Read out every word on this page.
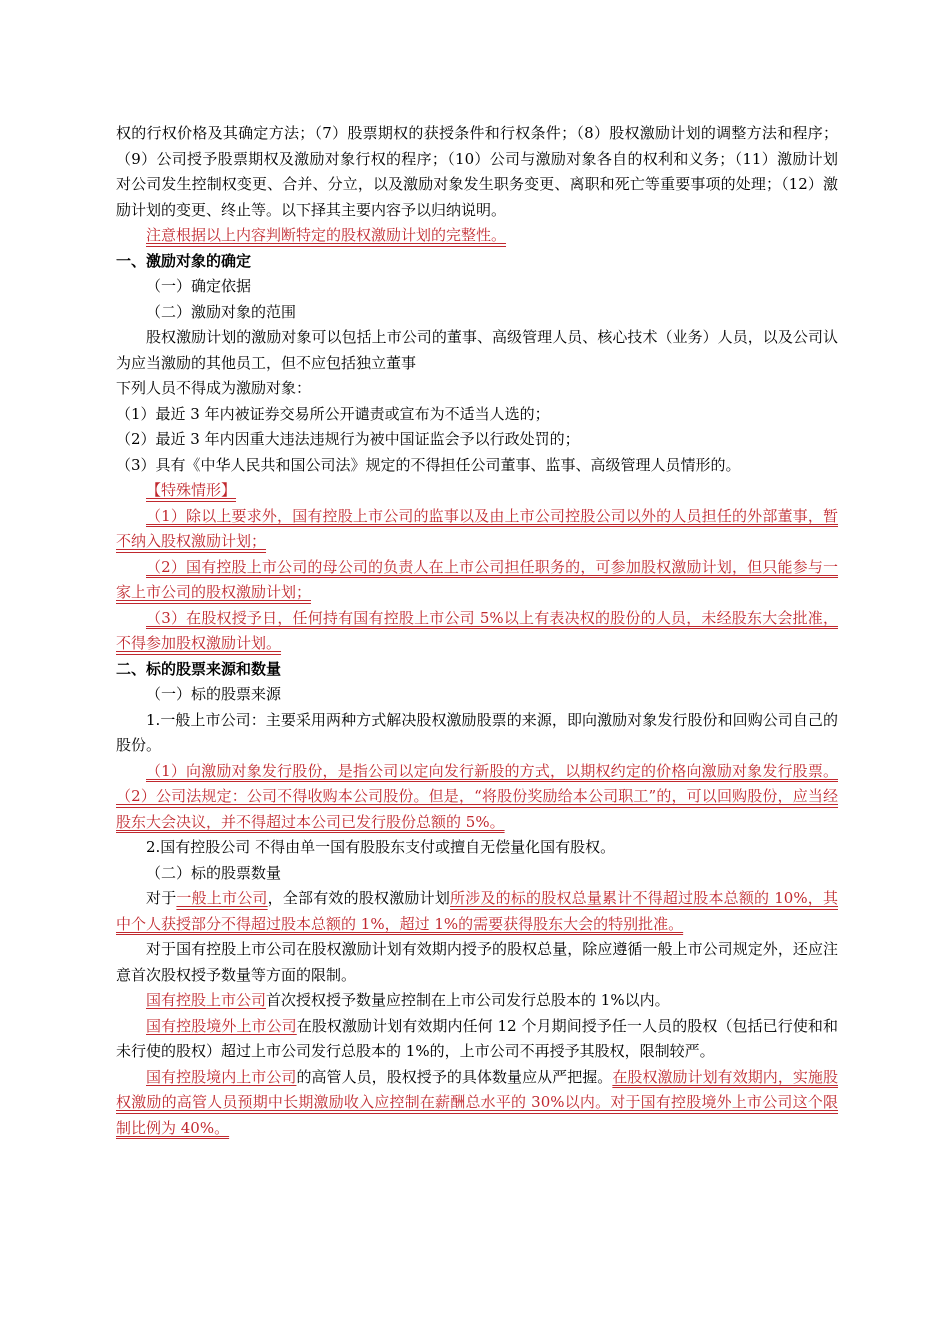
权的行权价格及其确定方法；（7）股票期权的获授条件和行权条件；（8）股权激励计划的调整方法和程序；（9）公司授予股票期权及激励对象行权的程序；（10）公司与激励对象各自的权利和义务；（11）激励计划对公司发生控制权变更、合并、分立，以及激励对象发生职务变更、离职和死亡等重要事项的处理；（12）激励计划的变更、终止等。以下择其主要内容予以归纳说明。

注意根据以上内容判断特定的股权激励计划的完整性。

一、激励对象的确定

（一）确定依据

（二）激励对象的范围

股权激励计划的激励对象可以包括上市公司的董事、高级管理人员、核心技术（业务）人员，以及公司认为应当激励的其他员工，但不应包括独立董事

下列人员不得成为激励对象：

（1）最近 3 年内被证券交易所公开谴责或宣布为不适当人选的；

（2）最近 3 年内因重大违法违规行为被中国证监会予以行政处罚的；

（3）具有《中华人民共和国公司法》规定的不得担任公司董事、监事、高级管理人员情形的。

【特殊情形】

（1）除以上要求外，国有控股上市公司的监事以及由上市公司控股公司以外的人员担任的外部董事，暂不纳入股权激励计划；

（2）国有控股上市公司的母公司的负责人在上市公司担任职务的，可参加股权激励计划，但只能参与一家上市公司的股权激励计划；

（3）在股权授予日，任何持有国有控股上市公司 5%以上有表决权的股份的人员，未经股东大会批准，不得参加股权激励计划。

二、标的股票来源和数量

（一）标的股票来源

1.一般上市公司：主要采用两种方式解决股权激励股票的来源，即向激励对象发行股份和回购公司自己的股份。

（1）向激励对象发行股份，是指公司以定向发行新股的方式，以期权约定的价格向激励对象发行股票。（2）公司法规定：公司不得收购本公司股份。但是，“将股份奖励给本公司职工”的，可以回购股份，应当经股东大会决议，并不得超过本公司已发行股份总额的 5%。

2.国有控股公司 不得由单一国有股股东支付或擅自无偿量化国有股权。

（二）标的股票数量

对于一般上市公司，全部有效的股权激励计划所涉及的标的股权总量累计不得超过股本总额的 10%，其中个人获授部分不得超过股本总额的 1%，超过 1%的需要获得股东大会的特别批准。

对于国有控股上市公司在股权激励计划有效期内授予的股权总量，除应遵循一般上市公司规定外，还应注意首次股权授予数量等方面的限制。

国有控股上市公司首次授权授予数量应控制在上市公司发行总股本的 1%以内。

国有控股境外上市公司在股权激励计划有效期内任何 12 个月期间授予任一人员的股权（包括已行使和和未行使的股权）超过上市公司发行总股本的 1%的，上市公司不再授予其股权，限制较严。

国有控股境内上市公司的高管人员，股权授予的具体数量应从严把握。在股权激励计划有效期内，实施股权激励的高管人员预期中长期激励收入应控制在薪酬总水平的 30%以内。对于国有控股境外上市公司这个限制比例为 40%。
